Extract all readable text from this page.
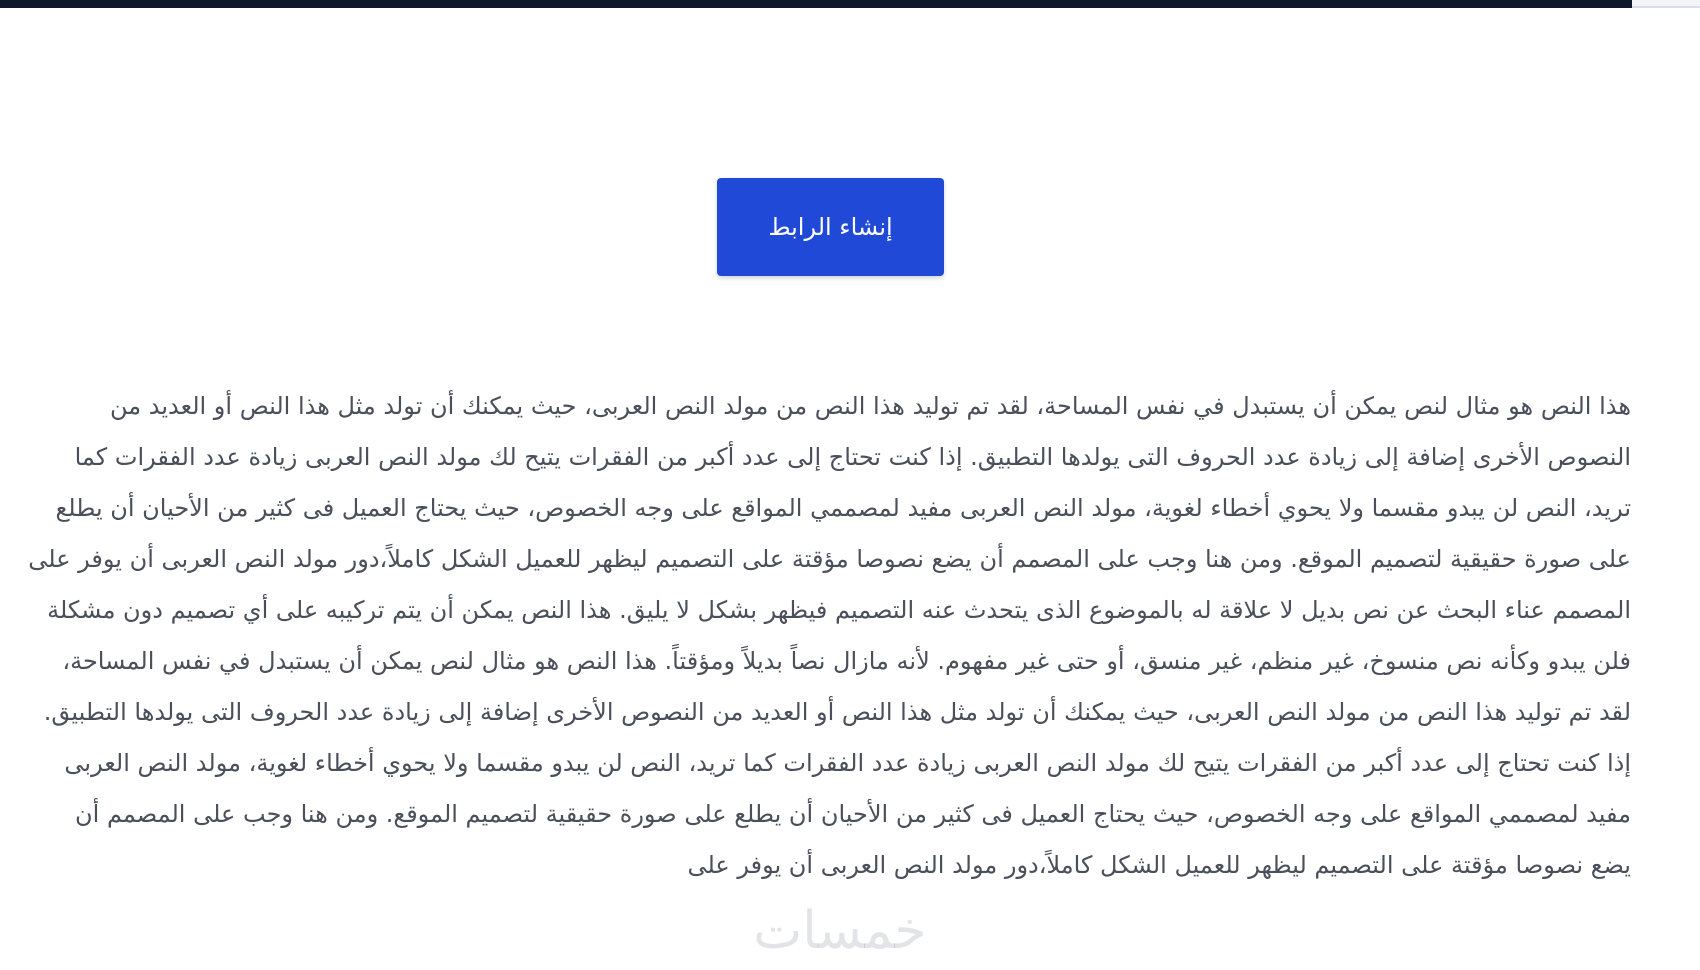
إنشاء الرابط

هذا النص هو مثال لنص يمكن أن يستبدل في نفس المساحة، لقد تم توليد هذا النص من مولد النص العربى، حيث يمكنك أن تولد مثل هذا النص أو العديد من النصوص الأخرى إضافة إلى زيادة عدد الحروف التى يولدها التطبيق. إذا كنت تحتاج إلى عدد أكبر من الفقرات يتيح لك مولد النص العربى زيادة عدد الفقرات كما تريد، النص لن يبدو مقسما ولا يحوي أخطاء لغوية، مولد النص العربى مفيد لمصممي المواقع على وجه الخصوص، حيث يحتاج العميل فى كثير من الأحيان أن يطلع على صورة حقيقية لتصميم الموقع. ومن هنا وجب على المصمم أن يضع نصوصا مؤقتة على التصميم ليظهر للعميل الشكل كاملاً،دور مولد النص العربى أن يوفر على المصمم عناء البحث عن نص بديل لا علاقة له بالموضوع الذى يتحدث عنه التصميم فيظهر بشكل لا يليق. هذا النص يمكن أن يتم تركيبه على أي تصميم دون مشكلة فلن يبدو وكأنه نص منسوخ، غير منظم، غير منسق، أو حتى غير مفهوم. لأنه مازال نصاً بديلاً ومؤقتاً. هذا النص هو مثال لنص يمكن أن يستبدل في نفس المساحة، لقد تم توليد هذا النص من مولد النص العربى، حيث يمكنك أن تولد مثل هذا النص أو العديد من النصوص الأخرى إضافة إلى زيادة عدد الحروف التى يولدها التطبيق. إذا كنت تحتاج إلى عدد أكبر من الفقرات يتيح لك مولد النص العربى زيادة عدد الفقرات كما تريد، النص لن يبدو مقسما ولا يحوي أخطاء لغوية، مولد النص العربى مفيد لمصممي المواقع على وجه الخصوص، حيث يحتاج العميل فى كثير من الأحيان أن يطلع على صورة حقيقية لتصميم الموقع. ومن هنا وجب على المصمم أن يضع نصوصا مؤقتة على التصميم ليظهر للعميل الشكل كاملاً،دور مولد النص العربى أن يوفر على

خمسات
